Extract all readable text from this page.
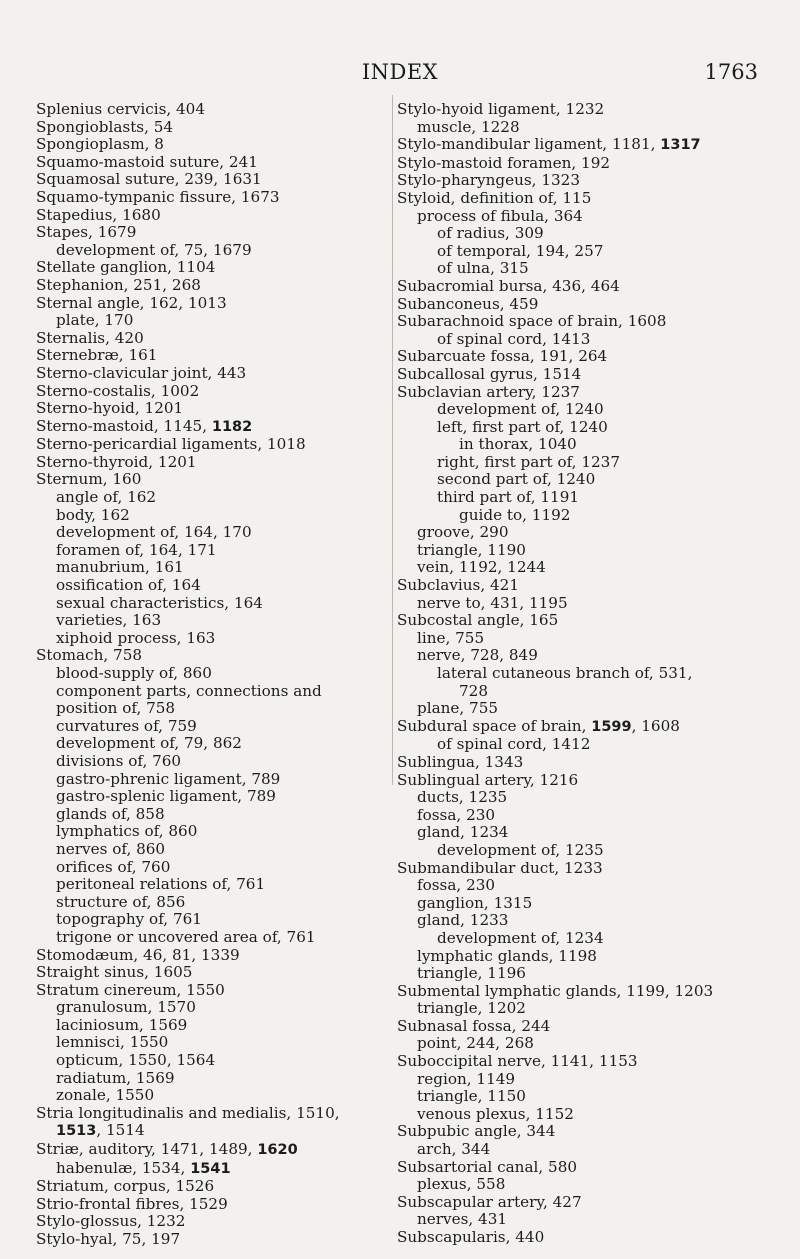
INDEX	1763
Splenius cervicis, 404
Spongioblasts, 54
Spongioplasm, 8
Squamo-mastoid suture, 241
Squamosal suture, 239, 1631
Squamo-tympanic fissure, 1673
Stapedius, 1680
Stapes, 1679
development of, 75, 1679
Stellate ganglion, 1104
Stephanion, 251, 268
Sternal angle, 162, 1013
plate, 170
Sternalis, 420
Sternebræ, 161
Sterno-clavicular joint, 443
Sterno-costalis, 1002
Sterno-hyoid, 1201
Sterno-mastoid, 1145, 1182
Sterno-pericardial ligaments, 1018
Sterno-thyroid, 1201
Sternum, 160
angle of, 162
body, 162
development of, 164, 170
foramen of, 164, 171
manubrium, 161
ossification of, 164
sexual characteristics, 164
varieties, 163
xiphoid process, 163
Stomach, 758
blood-supply of, 860
component parts, connections and
position of, 758
curvatures of, 759
development of, 79, 862
divisions of, 760
gastro-phrenic ligament, 789
gastro-splenic ligament, 789
glands of, 858
lymphatics of, 860
nerves of, 860
orifices of, 760
peritoneal relations of, 761
structure of, 856
topography of, 761
trigone or uncovered area of, 761
Stomodæum, 46, 81, 1339
Straight sinus, 1605
Stratum cinereum, 1550
granulosum, 1570
laciniosum, 1569
lemnisci, 1550
opticum, 1550, 1564
radiatum, 1569
zonale, 1550
Stria longitudinalis and medialis, 1510,
1513, 1514
Striæ, auditory, 1471, 1489, 1620
habenulæ, 1534, 1541
Striatum, corpus, 1526
Strio-frontal fibres, 1529
Stylo-glossus, 1232
Stylo-hyal, 75, 197
Stylo-hyoid ligament, 1232
muscle, 1228
Stylo-mandibular ligament, 1181, 1317
Stylo-mastoid foramen, 192
Stylo-pharyngeus, 1323
Styloid, definition of, 115
process of fibula, 364
of radius, 309
of temporal, 194, 257
of ulna, 315
Subacromial bursa, 436, 464
Subanconeus, 459
Subarachnoid space of brain, 1608
of spinal cord, 1413
Subarcuate fossa, 191, 264
Subcallosal gyrus, 1514
Subclavian artery, 1237
development of, 1240
left, first part of, 1240
in thorax, 1040
right, first part of, 1237
second part of, 1240
third part of, 1191
guide to, 1192
groove, 290
triangle, 1190
vein, 1192, 1244
Subclavius, 421
nerve to, 431, 1195
Subcostal angle, 165
line, 755
nerve, 728, 849
lateral cutaneous branch of, 531,
728
plane, 755
Subdural space of brain, 1599, 1608
of spinal cord, 1412
Sublingua, 1343
Sublingual artery, 1216
ducts, 1235
fossa, 230
gland, 1234
development of, 1235
Submandibular duct, 1233
fossa, 230
ganglion, 1315
gland, 1233
development of, 1234
lymphatic glands, 1198
triangle, 1196
Submental lymphatic glands, 1199, 1203
triangle, 1202
Subnasal fossa, 244
point, 244, 268
Suboccipital nerve, 1141, 1153
region, 1149
triangle, 1150
venous plexus, 1152
Subpubic angle, 344
arch, 344
Subsartorial canal, 580
plexus, 558
Subscapular artery, 427
nerves, 431
Subscapularis, 440
